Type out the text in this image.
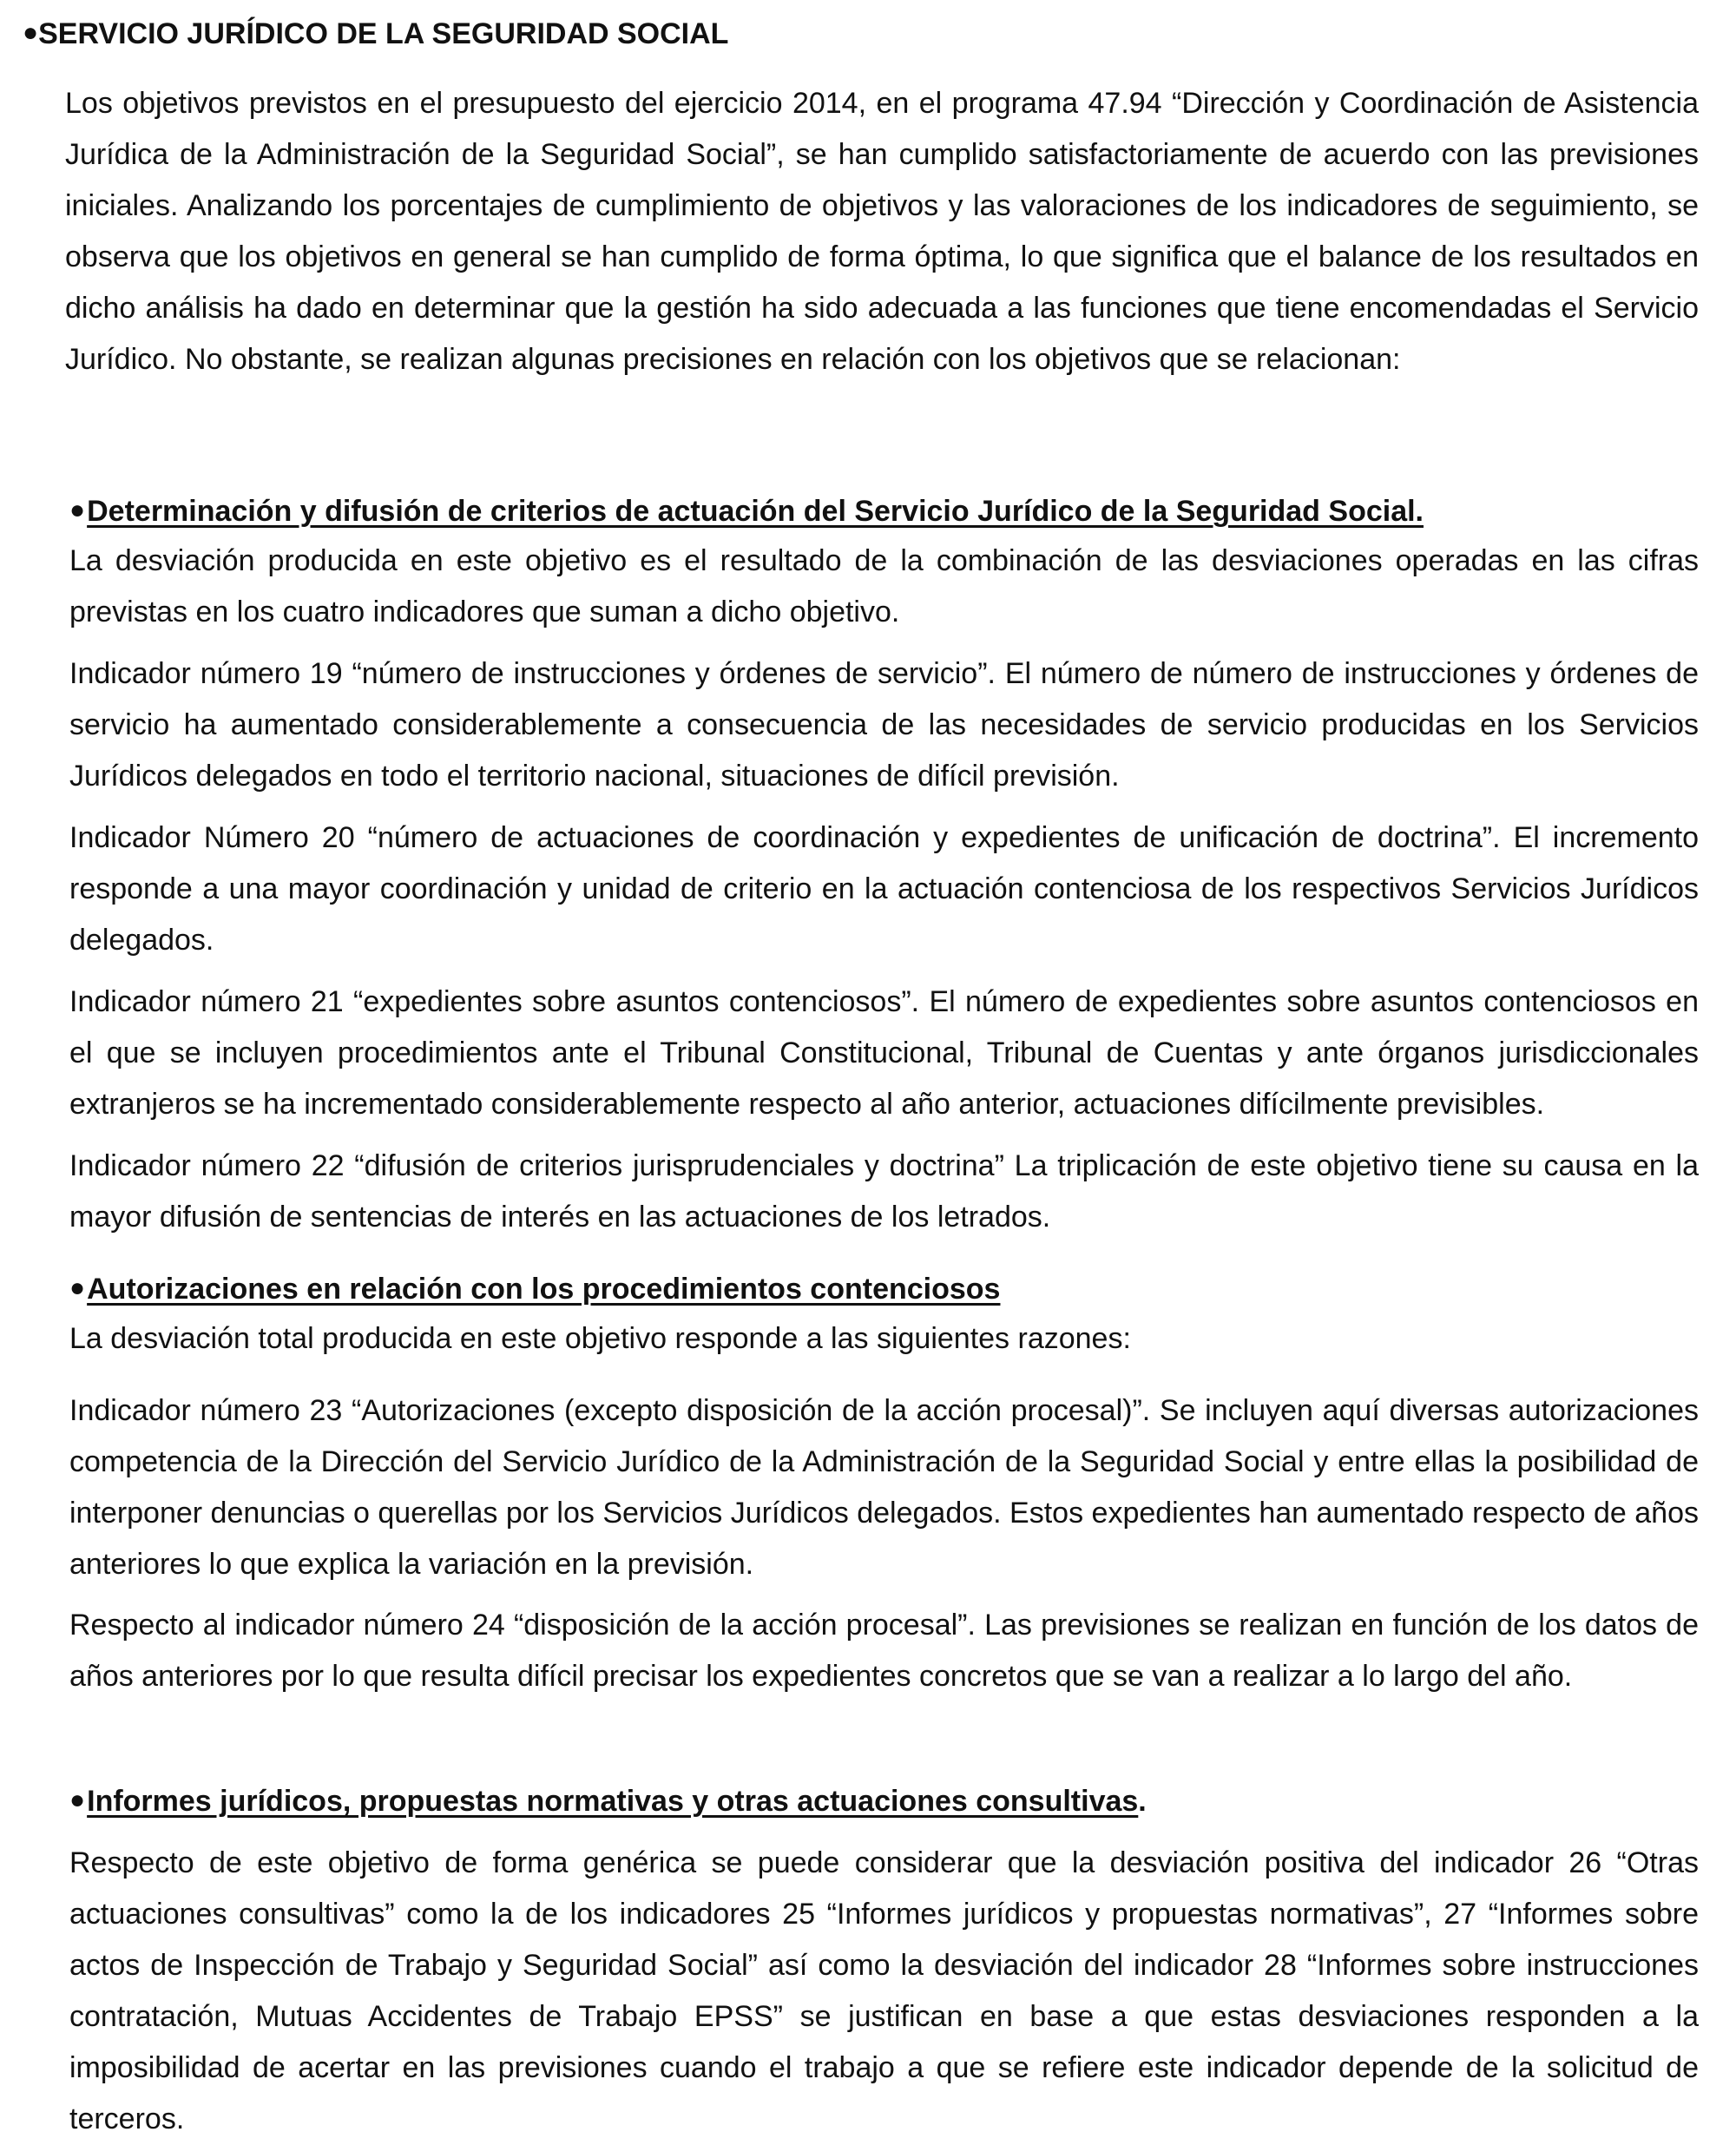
●SERVICIO JURÍDICO DE LA SEGURIDAD SOCIAL

Los objetivos previstos en el presupuesto del ejercicio 2014, en el programa 47.94 “Dirección y Coordinación de Asistencia Jurídica de la Administración de la Seguridad Social”, se han cumplido satisfactoriamente de acuerdo con las previsiones iniciales. Analizando los porcentajes de cumplimiento de objetivos y las valoraciones de los indicadores de seguimiento, se observa que los objetivos en general se han cumplido de forma óptima, lo que significa que el balance de los resultados en dicho análisis ha dado en determinar que la gestión ha sido adecuada a las funciones que tiene encomendadas el Servicio Jurídico. No obstante, se realizan algunas precisiones en relación con los objetivos que se relacionan:

●Determinación y difusión de criterios de actuación del Servicio Jurídico de la Seguridad Social.

La desviación producida en este objetivo es el resultado de la combinación de las desviaciones operadas en las cifras previstas en los cuatro indicadores que suman a dicho objetivo.

Indicador número 19 “número de instrucciones y órdenes de servicio”. El número de número de instrucciones y órdenes de servicio ha aumentado considerablemente a consecuencia de las necesidades de servicio producidas en los Servicios Jurídicos delegados en todo el territorio nacional, situaciones de difícil previsión.

Indicador Número 20 “número de actuaciones de coordinación y expedientes de unificación de doctrina”. El incremento responde a una mayor coordinación y unidad de criterio en la actuación contenciosa de los respectivos Servicios Jurídicos delegados.

Indicador número 21 “expedientes sobre asuntos contenciosos”. El número de expedientes sobre asuntos contenciosos en el que se incluyen procedimientos ante el Tribunal Constitucional, Tribunal de Cuentas y ante órganos jurisdiccionales extranjeros se ha incrementado considerablemente respecto al año anterior, actuaciones difícilmente previsibles.

Indicador número 22 “difusión de criterios jurisprudenciales y doctrina” La triplicación de este objetivo tiene su causa en la mayor difusión de sentencias de interés en las actuaciones de los letrados.

●Autorizaciones en relación con los procedimientos contenciosos

La desviación total producida en este objetivo responde a las siguientes razones:

Indicador número 23 “Autorizaciones (excepto disposición de la acción procesal)”. Se incluyen aquí diversas autorizaciones competencia de la Dirección del Servicio Jurídico de la Administración de la Seguridad Social y entre ellas la posibilidad de interponer denuncias o querellas por los Servicios Jurídicos delegados. Estos expedientes han aumentado respecto de años anteriores lo que explica la variación en la previsión.

Respecto al indicador número 24 “disposición de la acción procesal”. Las previsiones se realizan en función de los datos de años anteriores por lo que resulta difícil precisar los expedientes concretos que se van a realizar a lo largo del año.

●Informes jurídicos, propuestas normativas y otras actuaciones consultivas.

Respecto de este objetivo de forma genérica se puede considerar que la desviación positiva del indicador 26 “Otras actuaciones consultivas” como la de los indicadores 25 “Informes jurídicos y propuestas normativas”, 27 “Informes sobre actos de Inspección de Trabajo y Seguridad Social” así como la desviación del indicador 28 “Informes sobre instrucciones contratación, Mutuas Accidentes de Trabajo EPSS” se justifican en base a que estas desviaciones responden a la imposibilidad de acertar en las previsiones cuando el trabajo a que se refiere este indicador depende de la solicitud de terceros.
